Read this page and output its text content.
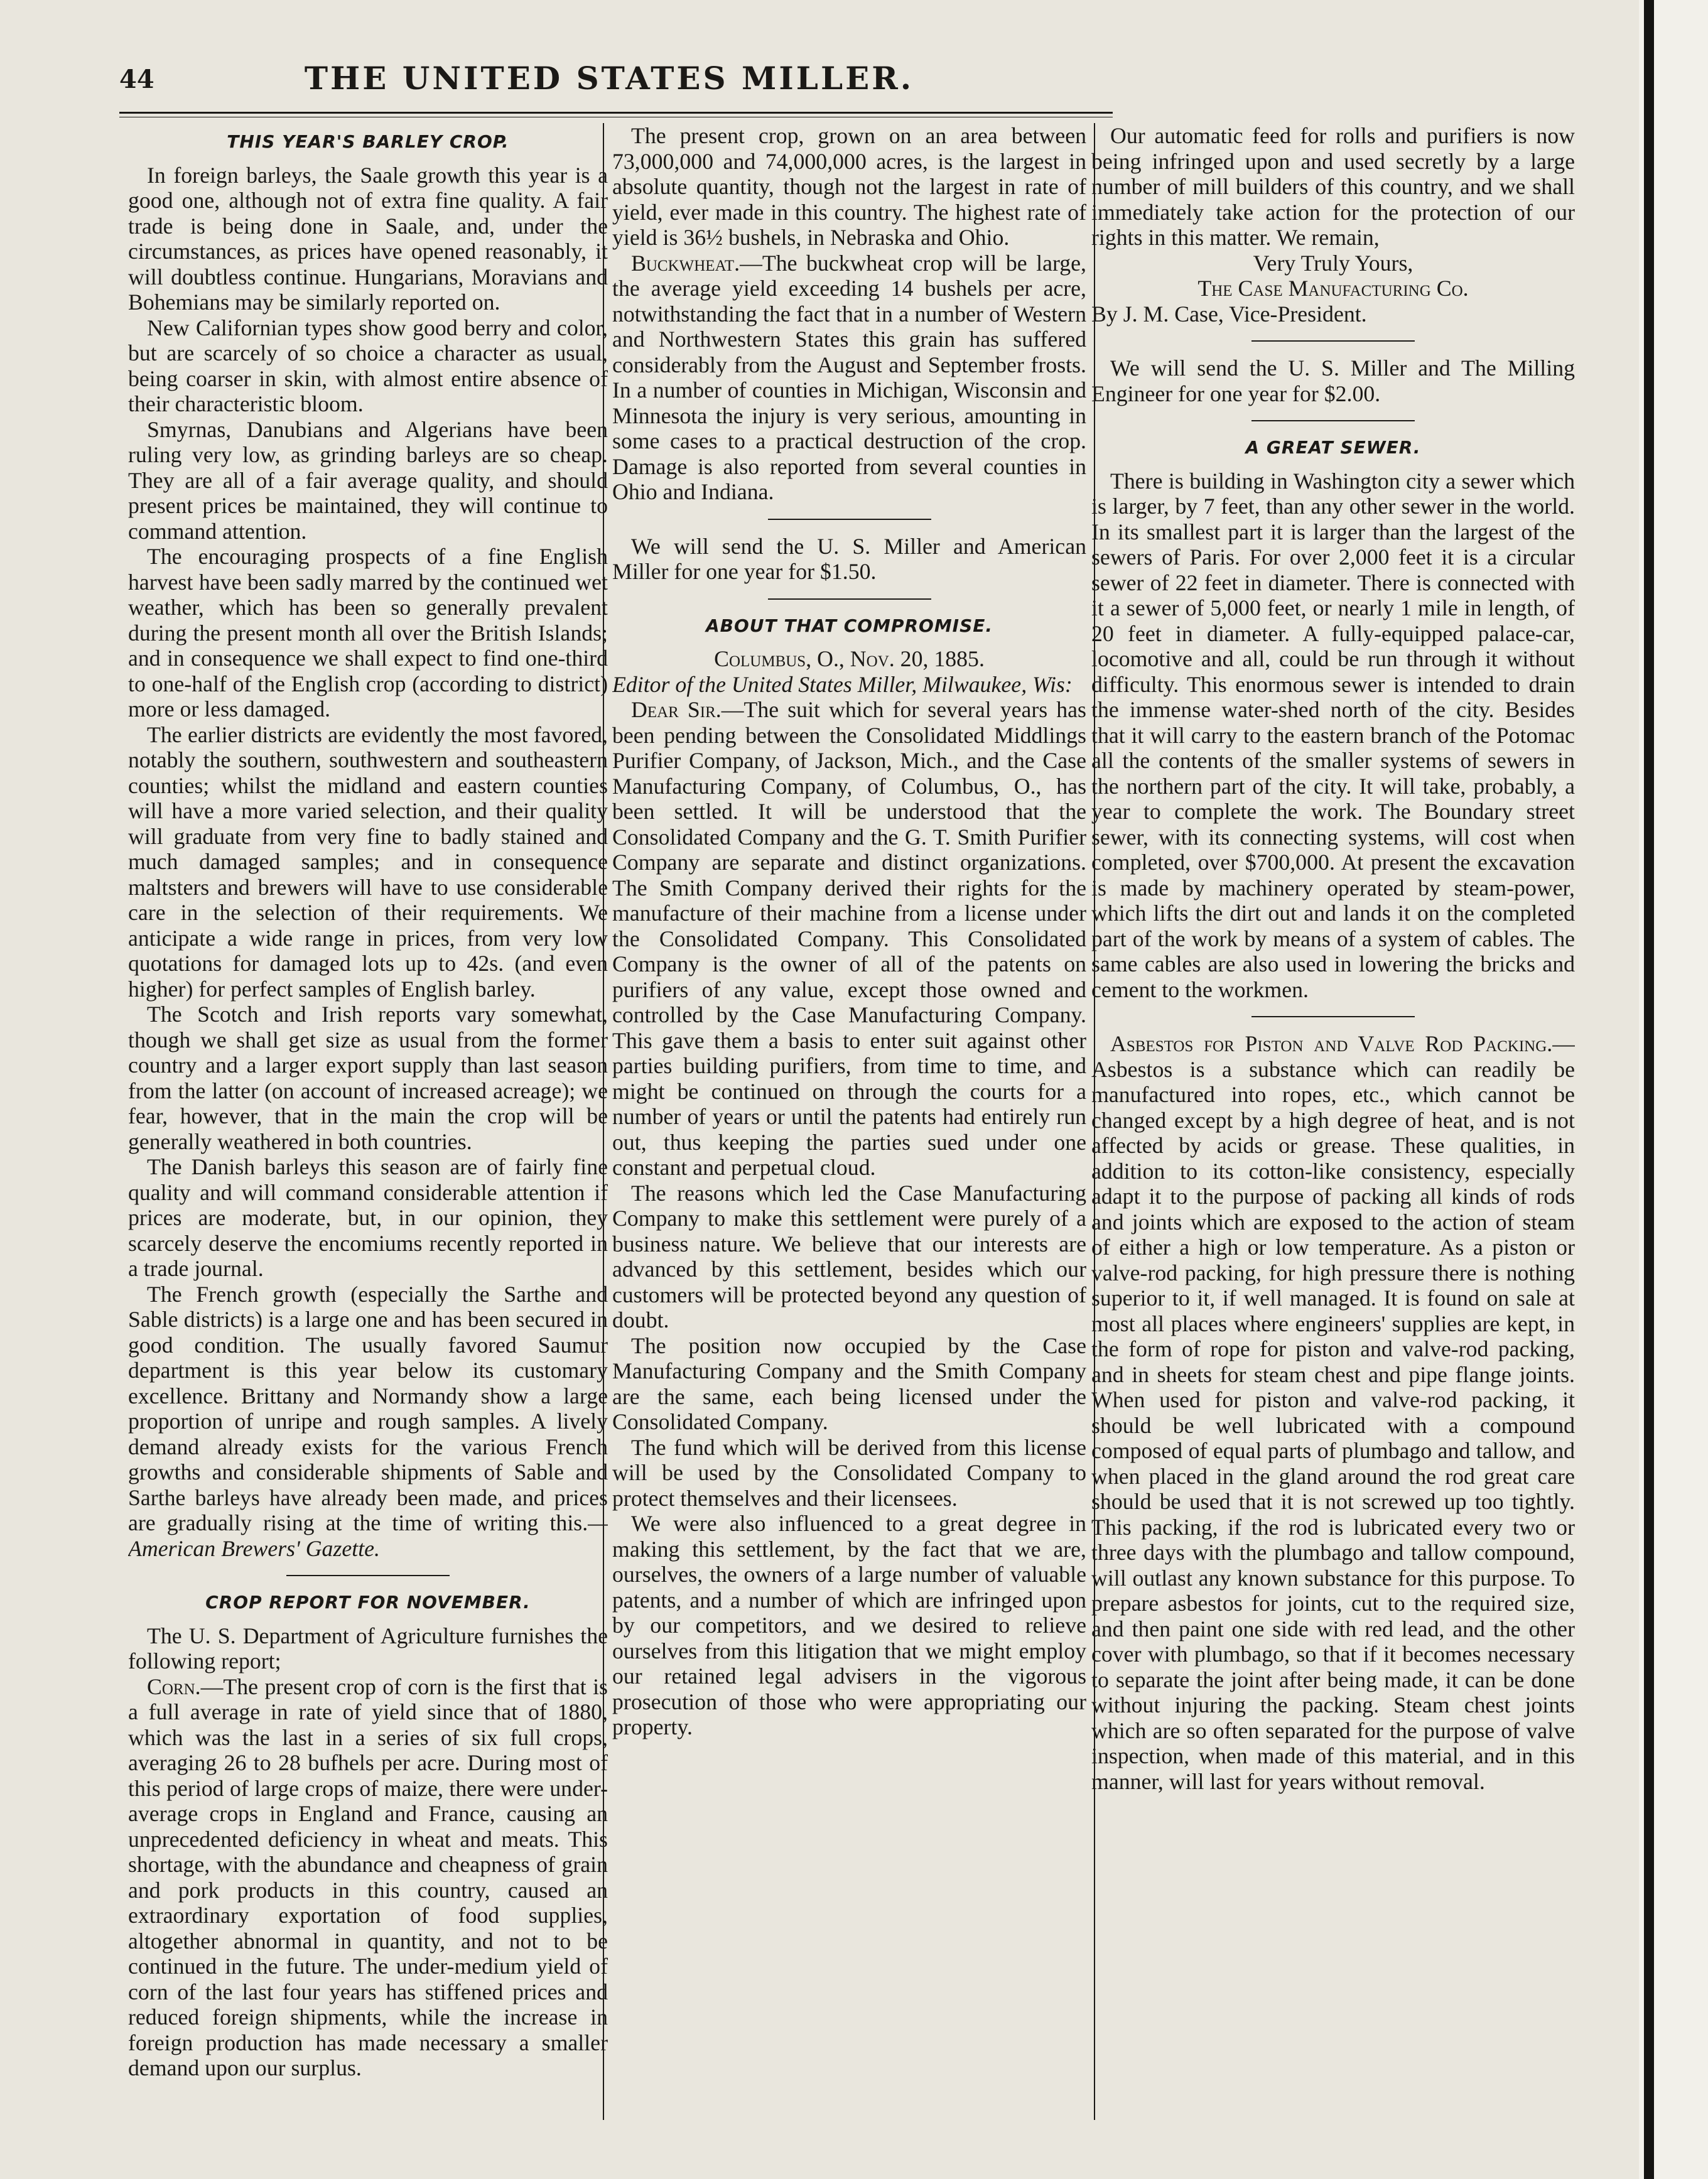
44	THE UNITED STATES MILLER.
THIS YEAR'S BARLEY CROP.

In foreign barleys, the Saale growth this year is a good one, although not of extra fine quality. A fair trade is being done in Saale, and, under the circumstances, as prices have opened reasonably, it will doubtless continue. Hungarians, Moravians and Bohemians may be similarly reported on.

New Californian types show good berry and color, but are scarcely of so choice a character as usual, being coarser in skin, with almost entire absence of their characteristic bloom.

Smyrnas, Danubians and Algerians have been ruling very low, as grinding barleys are so cheap. They are all of a fair average quality, and should present prices be maintained, they will continue to command attention.

The encouraging prospects of a fine English harvest have been sadly marred by the continued wet weather, which has been so generally prevalent during the present month all over the British Islands; and in consequence we shall expect to find one-third to one-half of the English crop (according to district) more or less damaged.

The earlier districts are evidently the most favored, notably the southern, southwestern and southeastern counties; whilst the midland and eastern counties will have a more varied selection, and their quality will graduate from very fine to badly stained and much damaged samples; and in consequence maltsters and brewers will have to use considerable care in the selection of their requirements. We anticipate a wide range in prices, from very low quotations for damaged lots up to 42s. (and even higher) for perfect samples of English barley.

The Scotch and Irish reports vary somewhat, though we shall get size as usual from the former country and a larger export supply than last season from the latter (on account of increased acreage); we fear, however, that in the main the crop will be generally weathered in both countries.

The Danish barleys this season are of fairly fine quality and will command considerable attention if prices are moderate, but, in our opinion, they scarcely deserve the encomiums recently reported in a trade journal.

The French growth (especially the Sarthe and Sable districts) is a large one and has been secured in good condition. The usually favored Saumur department is this year below its customary excellence. Brittany and Normandy show a large proportion of unripe and rough samples. A lively demand already exists for the various French growths and considerable shipments of Sable and Sarthe barleys have already been made, and prices are gradually rising at the time of writing this.—American Brewers' Gazette.

CROP REPORT FOR NOVEMBER.

The U. S. Department of Agriculture furnishes the following report;

Corn.—The present crop of corn is the first that is a full average in rate of yield since that of 1880, which was the last in a series of six full crops, averaging 26 to 28 bufhels per acre. During most of this period of large crops of maize, there were under-average crops in England and France, causing an unprecedented deficiency in wheat and meats. This shortage, with the abundance and cheapness of grain and pork products in this country, caused an extraordinary exportation of food supplies, altogether abnormal in quantity, and not to be continued in the future. The under-medium yield of corn of the last four years has stiffened prices and reduced foreign shipments, while the increase in foreign production has made necessary a smaller demand upon our surplus.

The present crop, grown on an area between 73,000,000 and 74,000,000 acres, is the largest in absolute quantity, though not the largest in rate of yield, ever made in this country. The highest rate of yield is 36½ bushels, in Nebraska and Ohio.

Buckwheat.—The buckwheat crop will be large, the average yield exceeding 14 bushels per acre, notwithstanding the fact that in a number of Western and Northwestern States this grain has suffered considerably from the August and September frosts. In a number of counties in Michigan, Wisconsin and Minnesota the injury is very serious, amounting in some cases to a practical destruction of the crop. Damage is also reported from several counties in Ohio and Indiana.

We will send the U. S. Miller and American Miller for one year for $1.50.

ABOUT THAT COMPROMISE.

Columbus, O., Nov. 20, 1885.

Editor of the United States Miller, Milwaukee, Wis:

Dear Sir.—The suit which for several years has been pending between the Consolidated Middlings Purifier Company, of Jackson, Mich., and the Case Manufacturing Company, of Columbus, O., has been settled. It will be understood that the Consolidated Company and the G. T. Smith Purifier Company are separate and distinct organizations. The Smith Company derived their rights for the manufacture of their machine from a license under the Consolidated Company. This Consolidated Company is the owner of all of the patents on purifiers of any value, except those owned and controlled by the Case Manufacturing Company. This gave them a basis to enter suit against other parties building purifiers, from time to time, and might be continued on through the courts for a number of years or until the patents had entirely run out, thus keeping the parties sued under one constant and perpetual cloud.

The reasons which led the Case Manufacturing Company to make this settlement were purely of a business nature. We believe that our interests are advanced by this settlement, besides which our customers will be protected beyond any question of doubt.

The position now occupied by the Case Manufacturing Company and the Smith Company are the same, each being licensed under the Consolidated Company.

The fund which will be derived from this license will be used by the Consolidated Company to protect themselves and their licensees.

We were also influenced to a great degree in making this settlement, by the fact that we are, ourselves, the owners of a large number of valuable patents, and a number of which are infringed upon by our competitors, and we desired to relieve ourselves from this litigation that we might employ our retained legal advisers in the vigorous prosecution of those who were appropriating our property.

Our automatic feed for rolls and purifiers is now being infringed upon and used secretly by a large number of mill builders of this country, and we shall immediately take action for the protection of our rights in this matter. We remain,

Very Truly Yours,

The Case Manufacturing Co.

By J. M. Case, Vice-President.

We will send the U. S. Miller and The Milling Engineer for one year for $2.00.

A GREAT SEWER.

There is building in Washington city a sewer which is larger, by 7 feet, than any other sewer in the world. In its smallest part it is larger than the largest of the sewers of Paris. For over 2,000 feet it is a circular sewer of 22 feet in diameter. There is connected with it a sewer of 5,000 feet, or nearly 1 mile in length, of 20 feet in diameter. A fully-equipped palace-car, locomotive and all, could be run through it without difficulty. This enormous sewer is intended to drain the immense water-shed north of the city. Besides that it will carry to the eastern branch of the Potomac all the contents of the smaller systems of sewers in the northern part of the city. It will take, probably, a year to complete the work. The Boundary street sewer, with its connecting systems, will cost when completed, over $700,000. At present the excavation is made by machinery operated by steam-power, which lifts the dirt out and lands it on the completed part of the work by means of a system of cables. The same cables are also used in lowering the bricks and cement to the workmen.

Asbestos for Piston and Valve Rod Packing.—Asbestos is a substance which can readily be manufactured into ropes, etc., which cannot be changed except by a high degree of heat, and is not affected by acids or grease. These qualities, in addition to its cotton-like consistency, especially adapt it to the purpose of packing all kinds of rods and joints which are exposed to the action of steam of either a high or low temperature. As a piston or valve-rod packing, for high pressure there is nothing superior to it, if well managed. It is found on sale at most all places where engineers' supplies are kept, in the form of rope for piston and valve-rod packing, and in sheets for steam chest and pipe flange joints. When used for piston and valve-rod packing, it should be well lubricated with a compound composed of equal parts of plumbago and tallow, and when placed in the gland around the rod great care should be used that it is not screwed up too tightly. This packing, if the rod is lubricated every two or three days with the plumbago and tallow compound, will outlast any known substance for this purpose. To prepare asbestos for joints, cut to the required size, and then paint one side with red lead, and the other cover with plumbago, so that if it becomes necessary to separate the joint after being made, it can be done without injuring the packing. Steam chest joints which are so often separated for the purpose of valve inspection, when made of this material, and in this manner, will last for years without removal.
